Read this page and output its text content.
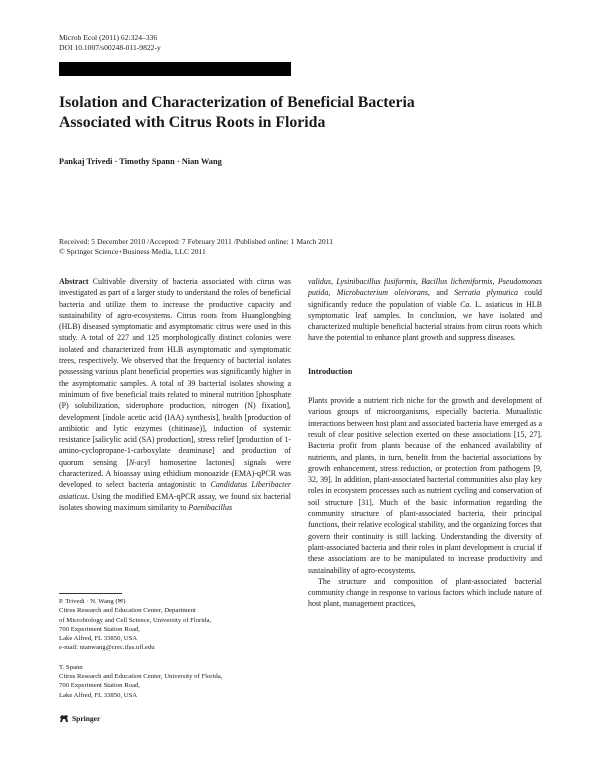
Microb Ecol (2011) 62:324–336
DOI 10.1007/s00248-011-9822-y
Isolation and Characterization of Beneficial Bacteria
Associated with Citrus Roots in Florida
Pankaj Trivedi · Timothy Spann · Nian Wang
Received: 5 December 2010 /Accepted: 7 February 2011 /Published online: 1 March 2011
© Springer Science+Business Media, LLC 2011

Abstract Cultivable diversity of bacteria associated with citrus was investigated as part of a larger study to understand the roles of beneficial bacteria and utilize them to increase the productive capacity and sustainability of agro-ecosystems. Citrus roots from Huanglongbing (HLB) diseased symptomatic and asymptomatic citrus were used in this study. A total of 227 and 125 morphologically distinct colonies were isolated and characterized from HLB asymptomatic and symptomatic trees, respectively. We observed that the frequency of bacterial isolates possessing various plant beneficial properties was significantly higher in the asymptomatic samples. A total of 39 bacterial isolates showing a minimum of five beneficial traits related to mineral nutrition [phosphate (P) solubilization, siderophore production, nitrogen (N) fixation], development [indole acetic acid (IAA) synthesis], health [production of antibiotic and lytic enzymes (chitinase)], induction of systemic resistance [salicylic acid (SA) production], stress relief [production of 1-amino-cyclopropane-1-carboxylate deaminase] and production of quorum sensing [N-acyl homoserine lactones] signals were characterized. A bioassay using ethidium monoazide (EMA)-qPCR was developed to select bacteria antagonistic to Candidatus Liberibacter asiaticus. Using the modified EMA-qPCR assay, we found six bacterial isolates showing maximum similarity to Paenibacillus

P. Trivedi · N. Wang (✉)

Citrus Research and Education Center, Department

of Microbiology and Cell Science, University of Florida,

700 Experiment Station Road,

Lake Alfred, FL 33850, USA

e-mail: nianwang@crec.ifas.ufl.edu

T. Spann

Citrus Research and Education Center, University of Florida,

700 Experiment Station Road,

Lake Alfred, FL 33850, USA

Springer

validus, Lysinibacillus fusiformis, Bacillus licheniformis, Pseudomonas putida, Microbacterium oleivorans, and Serratia plymutica could significantly reduce the population of viable Ca. L. asiaticus in HLB symptomatic leaf samples. In conclusion, we have isolated and characterized multiple beneficial bacterial strains from citrus roots which have the potential to enhance plant growth and suppress diseases.

Introduction

Plants provide a nutrient rich niche for the growth and development of various groups of microorganisms, especially bacteria. Mutualistic interactions between host plant and associated bacteria have emerged as a result of clear positive selection exerted on these associations [15, 27]. Bacteria profit from plants because of the enhanced availability of nutrients, and plants, in turn, benefit from the bacterial associations by growth enhancement, stress reduction, or protection from pathogens [9, 32, 39]. In addition, plant-associated bacterial communities also play key roles in ecosystem processes such as nutrient cycling and conservation of soil structure [31]. Much of the basic information regarding the community structure of plant-associated bacteria, their principal functions, their relative ecological stability, and the organizing forces that govern their continuity is still lacking. Understanding the diversity of plant-associated bacteria and their roles in plant development is crucial if these associations are to be manipulated to increase productivity and sustainability of agro-ecosystems.

The structure and composition of plant-associated bacterial community change in response to various factors which include nature of host plant, management practices,
